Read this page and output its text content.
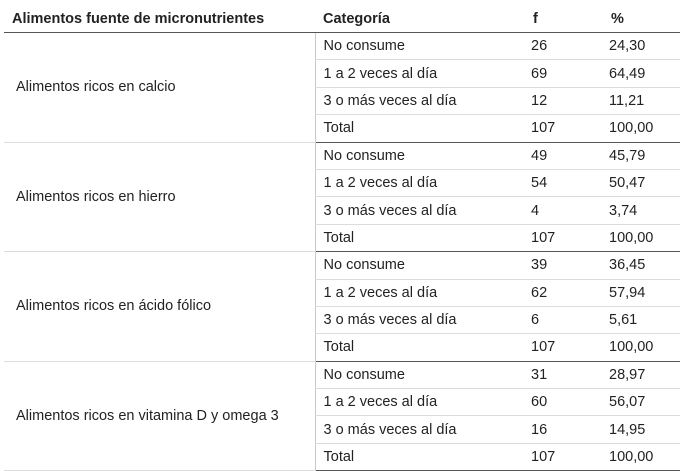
Alimentos fuente de micronutrientes	Categoría	f	%
Alimentos ricos en calcio	No consume	26	24,30
	1 a 2 veces al día	69	64,49
	3 o más veces al día	12	11,21
	Total	107	100,00
Alimentos ricos en hierro	No consume	49	45,79
	1 a 2 veces al día	54	50,47
	3 o más veces al día	4	3,74
	Total	107	100,00
Alimentos ricos en ácido fólico	No consume	39	36,45
	1 a 2 veces al día	62	57,94
	3 o más veces al día	6	5,61
	Total	107	100,00
Alimentos ricos en vitamina D y omega 3	No consume	31	28,97
	1 a 2 veces al día	60	56,07
	3 o más veces al día	16	14,95
	Total	107	100,00
